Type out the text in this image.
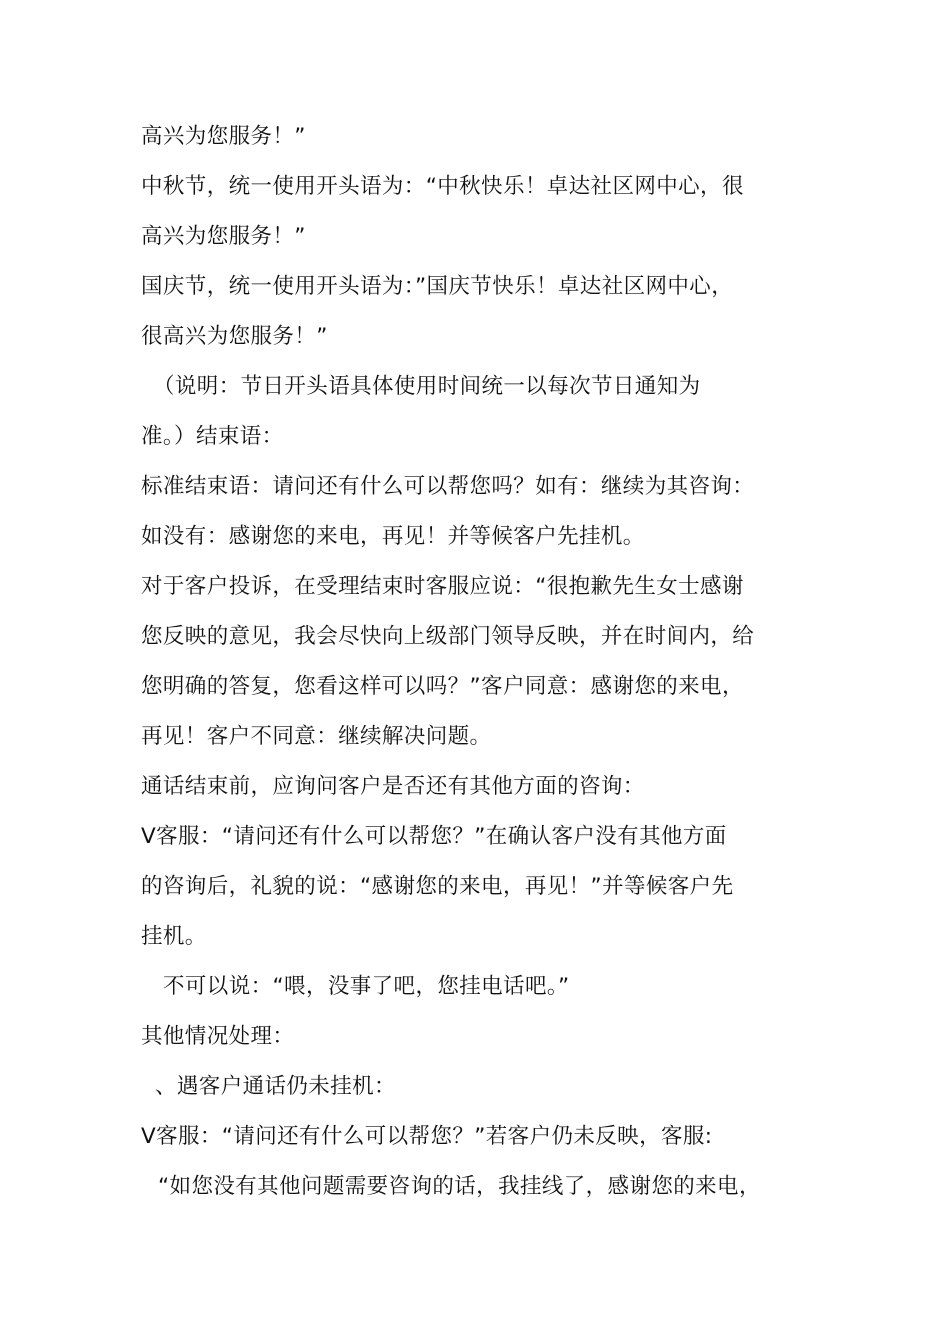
高兴为您服务！”
中秋节，统一使用开头语为：“中秋快乐！卓达社区网中心，很
高兴为您服务！”
国庆节，统一使用开头语为：”国庆节快乐！卓达社区网中心，
很高兴为您服务！”
（说明：节日开头语具体使用时间统一以每次节日通知为
准。）结束语：
标准结束语：请问还有什么可以帮您吗？如有：继续为其咨询：
如没有：感谢您的来电，再见！并等候客户先挂机。
对于客户投诉，在受理结束时客服应说：“很抱歉先生女士感谢
您反映的意见，我会尽快向上级部门领导反映，并在时间内，给
您明确的答复，您看这样可以吗？”客户同意：感谢您的来电，
再见！客户不同意：继续解决问题。
通话结束前，应询问客户是否还有其他方面的咨询：
V客服：“请问还有什么可以帮您？”在确认客户没有其他方面
的咨询后，礼貌的说：“感谢您的来电，再见！”并等候客户先
挂机。
不可以说：“喂，没事了吧，您挂电话吧。”
其他情况处理：
、遇客户通话仍未挂机：
V客服：“请问还有什么可以帮您？”若客户仍未反映，客服:
“如您没有其他问题需要咨询的话，我挂线了，感谢您的来电，
